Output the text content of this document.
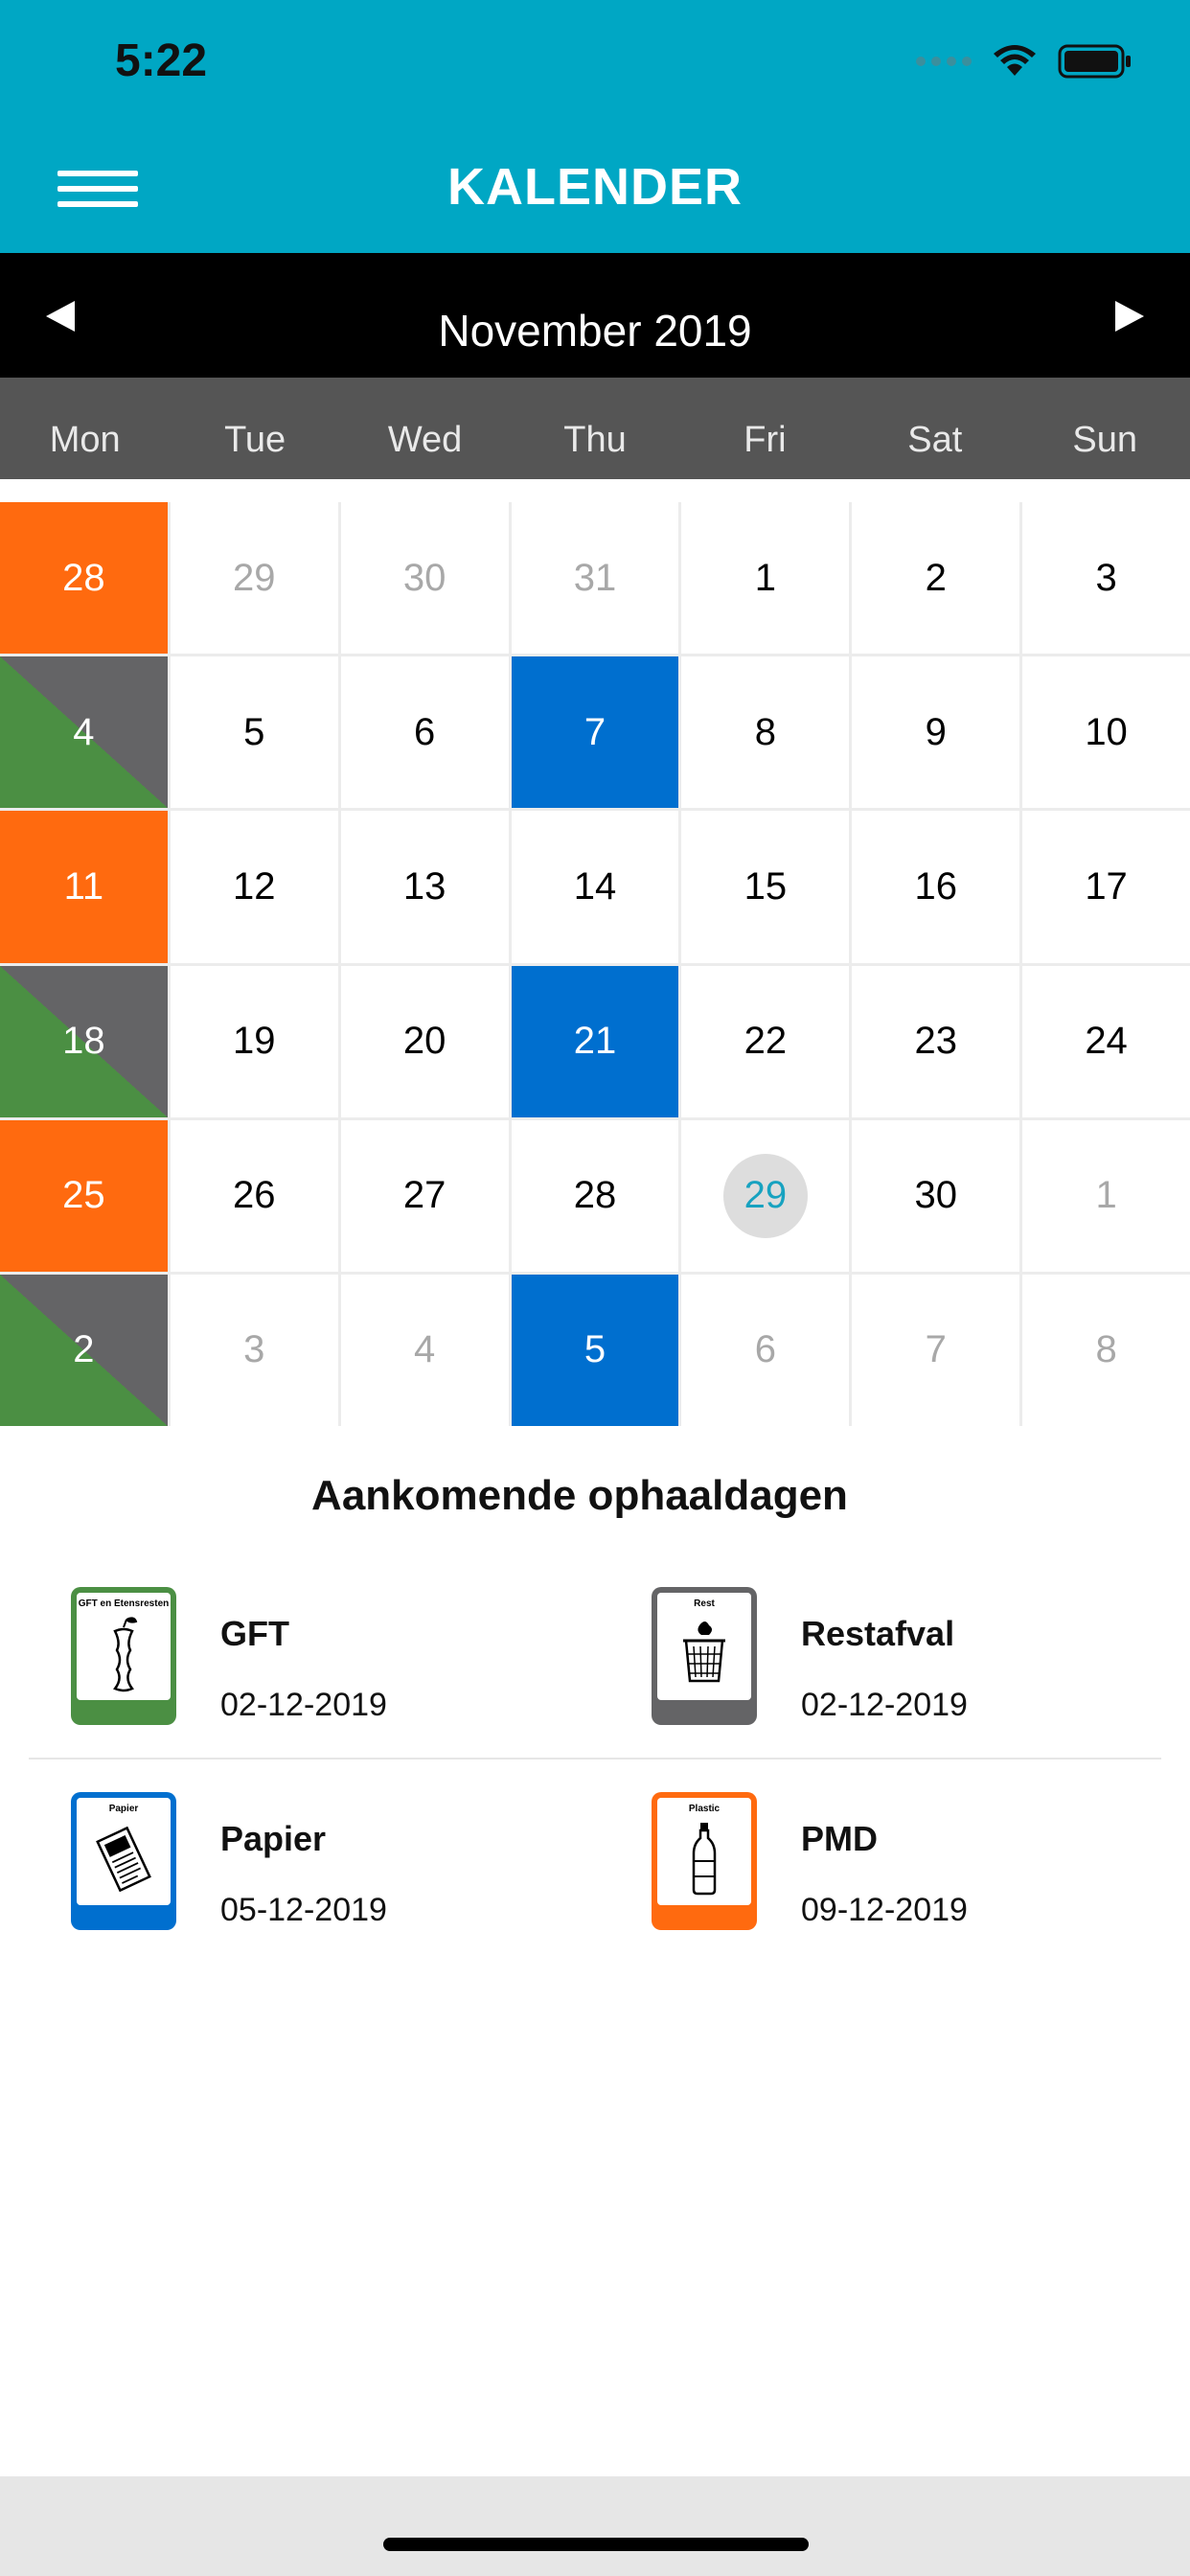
5:22
KALENDER
November 2019
Mon	Tue	Wed	Thu	Fri	Sat	Sun
28	29	30	31	1	2	3
4	5	6	7	8	9	10
11	12	13	14	15	16	17
18	19	20	21	22	23	24
25	26	27	28	29	30	1
2	3	4	5	6	7	8
Aankomende ophaaldagen
GFT en Etensresten
GFT
02-12-2019
Rest
Restafval
02-12-2019
Papier
Papier
05-12-2019
Plastic
PMD
09-12-2019
